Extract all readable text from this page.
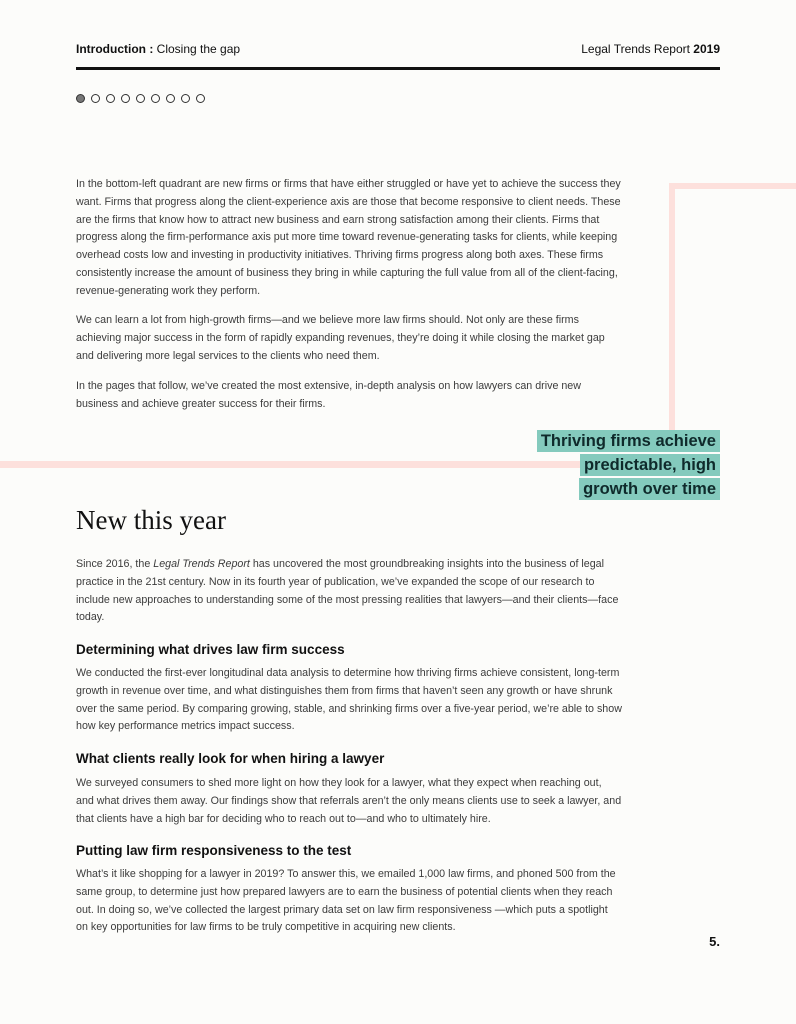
Introduction : Closing the gap	Legal Trends Report 2019

In the bottom-left quadrant are new firms or firms that have either struggled or have yet to achieve the success they want. Firms that progress along the client-experience axis are those that become responsive to client needs. These are the firms that know how to attract new business and earn strong satisfaction among their clients. Firms that progress along the firm-performance axis put more time toward revenue-generating tasks for clients, while keeping overhead costs low and investing in productivity initiatives. Thriving firms progress along both axes. These firms consistently increase the amount of business they bring in while capturing the full value from all of the client-facing, revenue-generating work they perform.

We can learn a lot from high-growth firms—and we believe more law firms should. Not only are these firms achieving major success in the form of rapidly expanding revenues, they’re doing it while closing the market gap and delivering more legal services to the clients who need them.

In the pages that follow, we’ve created the most extensive, in-depth analysis on how lawyers can drive new business and achieve greater success for their firms.

Thriving firms achieve
predictable, high
growth over time
New this year

Since 2016, the Legal Trends Report has uncovered the most groundbreaking insights into the business of legal practice in the 21st century. Now in its fourth year of publication, we’ve expanded the scope of our research to include new approaches to understanding some of the most pressing realities that lawyers—and their clients—face today.

Determining what drives law firm success

We conducted the first-ever longitudinal data analysis to determine how thriving firms achieve consistent, long-term growth in revenue over time, and what distinguishes them from firms that haven’t seen any growth or have shrunk over the same period. By comparing growing, stable, and shrinking firms over a five-year period, we’re able to show how key performance metrics impact success.

What clients really look for when hiring a lawyer

We surveyed consumers to shed more light on how they look for a lawyer, what they expect when reaching out, and what drives them away. Our findings show that referrals aren’t the only means clients use to seek a lawyer, and that clients have a high bar for deciding who to reach out to—and who to ultimately hire.

Putting law firm responsiveness to the test

What’s it like shopping for a lawyer in 2019? To answer this, we emailed 1,000 law firms, and phoned 500 from the same group, to determine just how prepared lawyers are to earn the business of potential clients when they reach out. In doing so, we’ve collected the largest primary data set on law firm responsiveness —which puts a spotlight on key opportunities for law firms to be truly competitive in acquiring new clients.

5.
